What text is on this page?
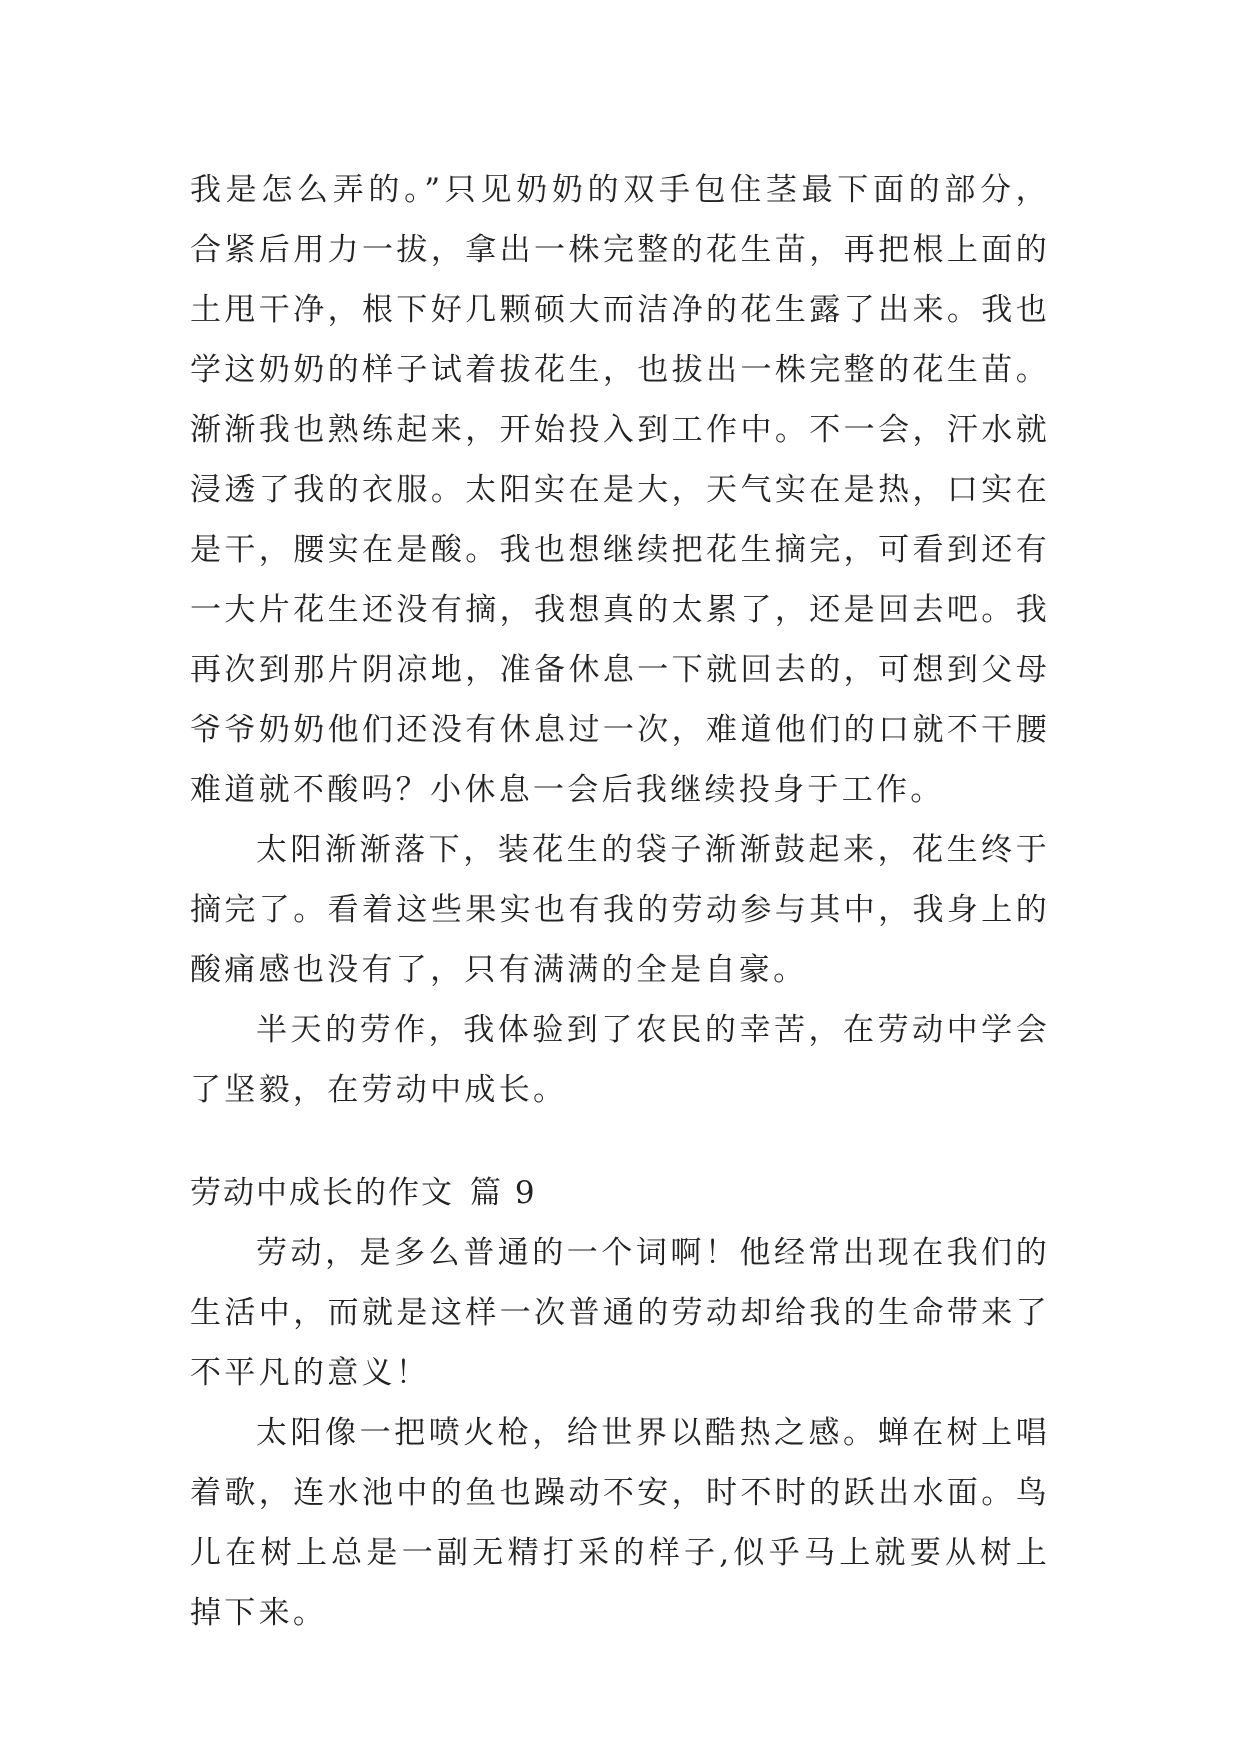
我是怎么弄的。”只见奶奶的双手包住茎最下面的部分，合紧后用力一拔，拿出一株完整的花生苗，再把根上面的土甩干净，根下好几颗硕大而洁净的花生露了出来。我也学这奶奶的样子试着拔花生，也拔出一株完整的花生苗。渐渐我也熟练起来，开始投入到工作中。不一会，汗水就浸透了我的衣服。太阳实在是大，天气实在是热，口实在是干，腰实在是酸。我也想继续把花生摘完，可看到还有一大片花生还没有摘，我想真的太累了，还是回去吧。我再次到那片阴凉地，准备休息一下就回去的，可想到父母爷爷奶奶他们还没有休息过一次，难道他们的口就不干腰难道就不酸吗？小休息一会后我继续投身于工作。

太阳渐渐落下，装花生的袋子渐渐鼓起来，花生终于摘完了。看着这些果实也有我的劳动参与其中，我身上的酸痛感也没有了，只有满满的全是自豪。

半天的劳作，我体验到了农民的幸苦，在劳动中学会了坚毅，在劳动中成长。

劳动中成长的作文 篇 9

劳动，是多么普通的一个词啊！他经常出现在我们的生活中，而就是这样一次普通的劳动却给我的生命带来了不平凡的意义！

太阳像一把喷火枪，给世界以酷热之感。蝉在树上唱着歌，连水池中的鱼也躁动不安，时不时的跃出水面。鸟儿在树上总是一副无精打采的样子,似乎马上就要从树上掉下来。
